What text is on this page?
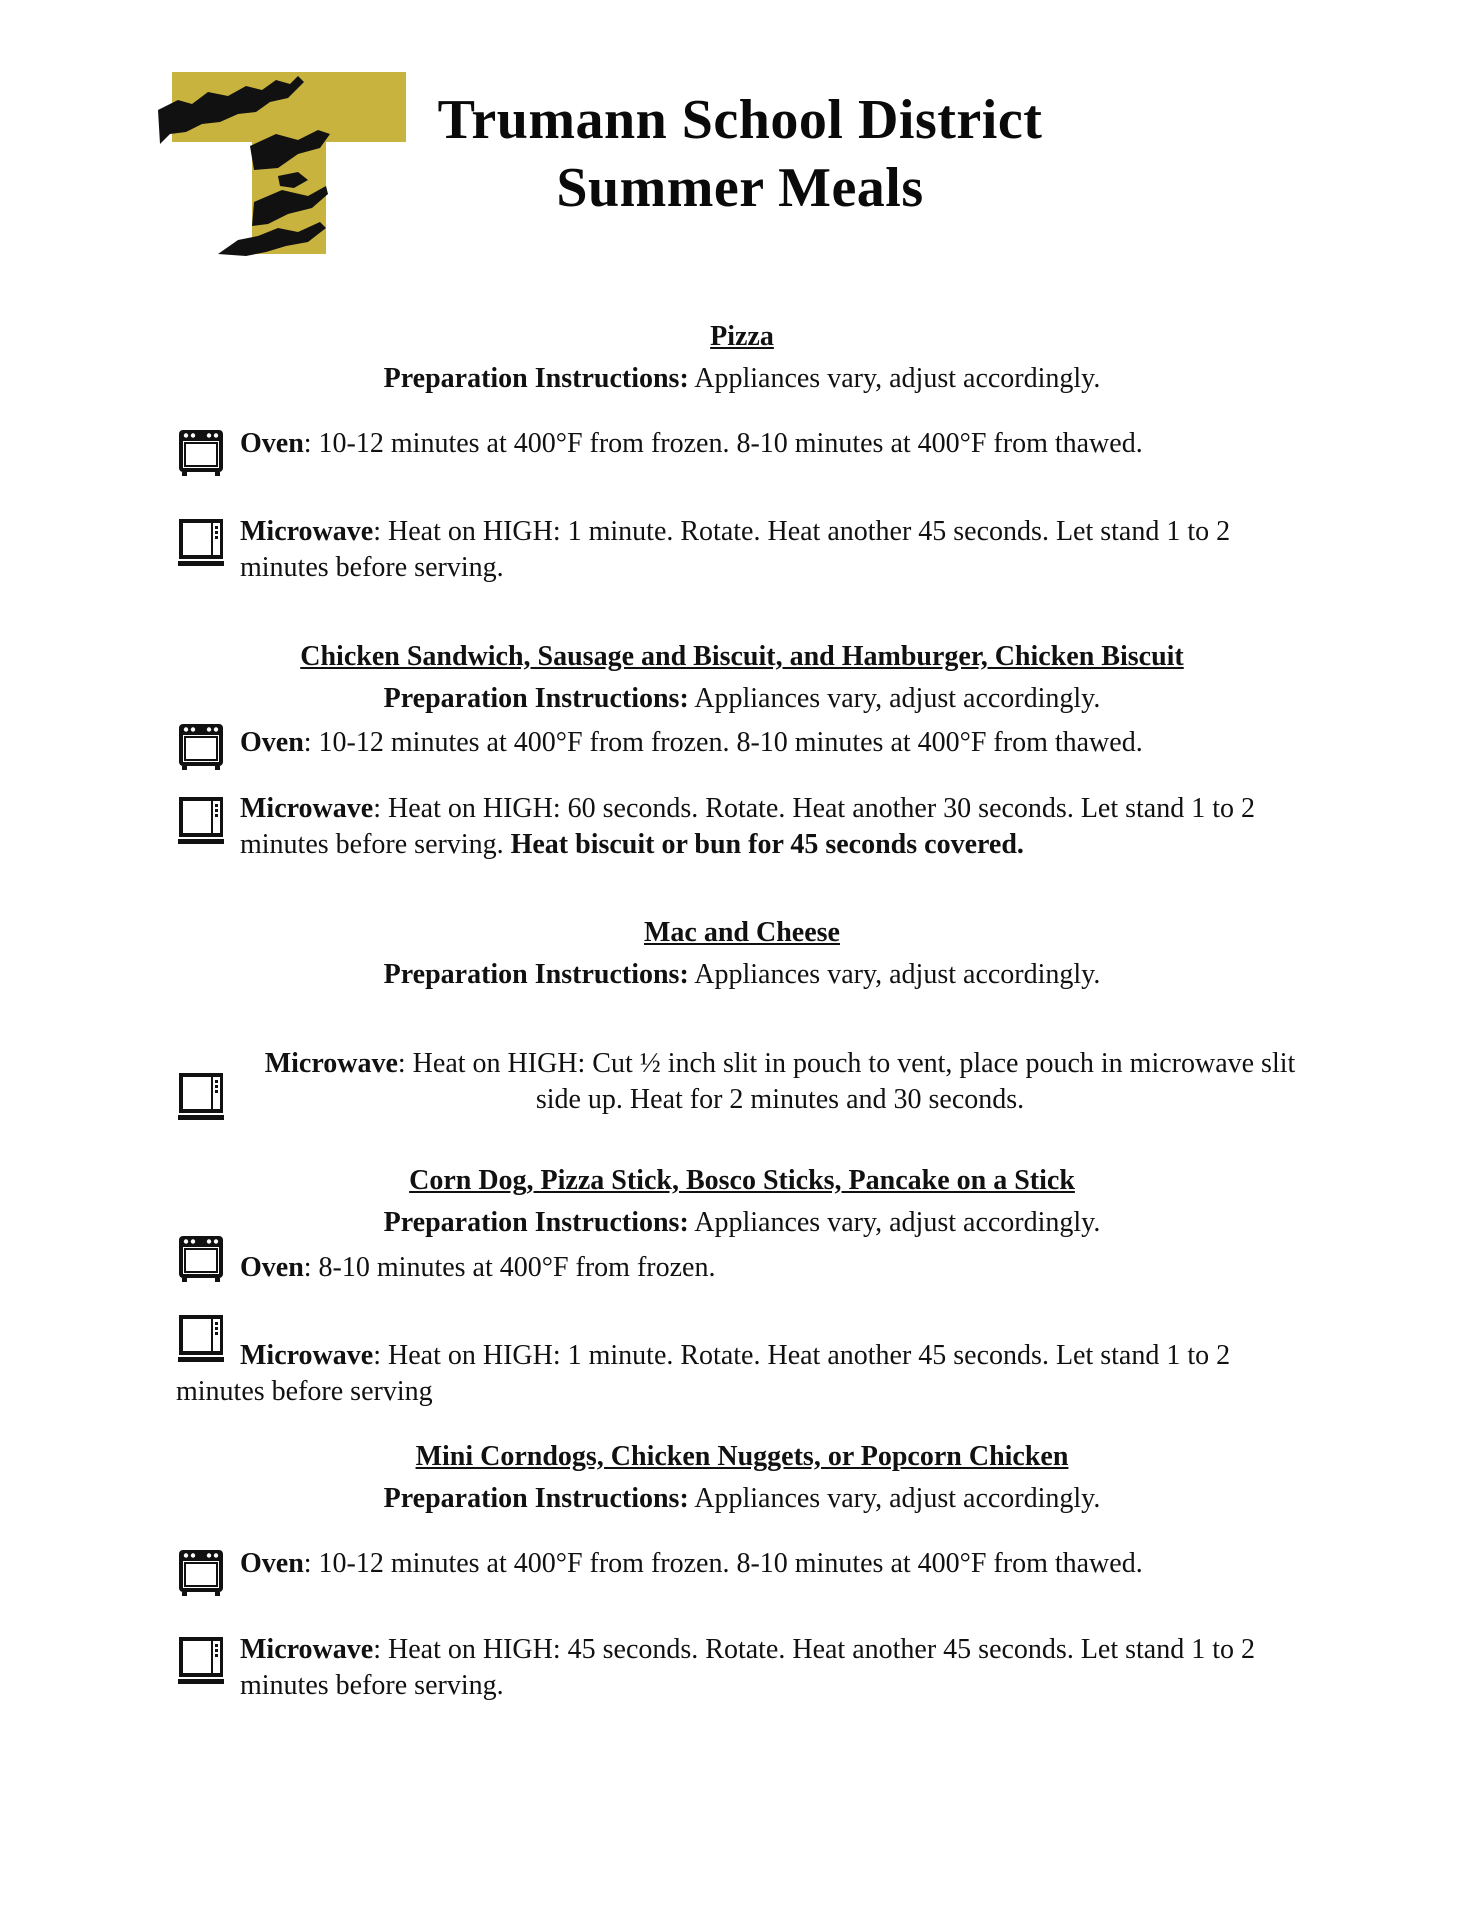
Trumann School District
Summer Meals
Pizza
Preparation Instructions: Appliances vary, adjust accordingly.
Oven: 10-12 minutes at 400°F from frozen. 8-10 minutes at 400°F from thawed.
Microwave: Heat on HIGH: 1 minute. Rotate. Heat another 45 seconds. Let stand 1 to 2 minutes before serving.
Chicken Sandwich, Sausage and Biscuit, and Hamburger, Chicken Biscuit
Preparation Instructions: Appliances vary, adjust accordingly.
Oven: 10-12 minutes at 400°F from frozen. 8-10 minutes at 400°F from thawed.
Microwave: Heat on HIGH: 60 seconds. Rotate. Heat another 30 seconds. Let stand 1 to 2 minutes before serving. Heat biscuit or bun for 45 seconds covered.
Mac and Cheese
Preparation Instructions: Appliances vary, adjust accordingly.
Microwave: Heat on HIGH: Cut ½ inch slit in pouch to vent, place pouch in microwave slit side up. Heat for 2 minutes and 30 seconds.
Corn Dog, Pizza Stick, Bosco Sticks, Pancake on a Stick
Preparation Instructions: Appliances vary, adjust accordingly.
Oven: 8-10 minutes at 400°F from frozen.
Microwave: Heat on HIGH: 1 minute. Rotate. Heat another 45 seconds. Let stand 1 to 2 minutes before serving
Mini Corndogs, Chicken Nuggets, or Popcorn Chicken
Preparation Instructions: Appliances vary, adjust accordingly.
Oven: 10-12 minutes at 400°F from frozen. 8-10 minutes at 400°F from thawed.
Microwave: Heat on HIGH: 45 seconds. Rotate. Heat another 45 seconds. Let stand 1 to 2 minutes before serving.
